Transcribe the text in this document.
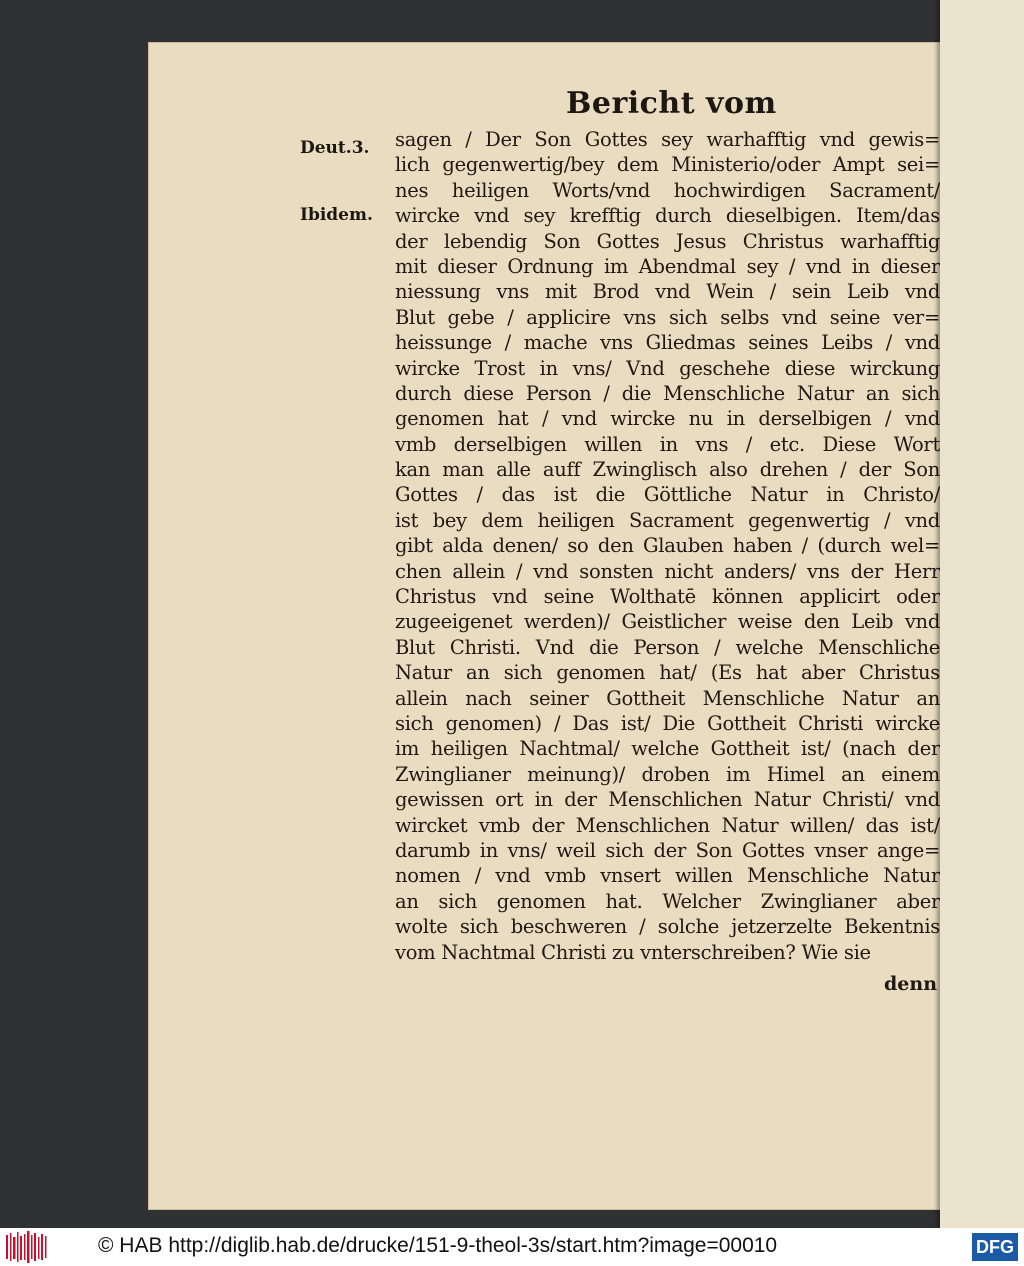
Bericht vom
Deut.3.
Ibidem.
sagen / Der Son Gottes sey warhafftig vnd gewis=
lich gegenwertig/bey dem Ministerio/oder Ampt sei=
nes heiligen Worts/vnd hochwirdigen Sacrament/
wircke vnd sey krefftig durch dieselbigen. Item/das
der lebendig Son Gottes Jesus Christus warhafftig
mit dieser Ordnung im Abendmal sey / vnd in dieser
niessung vns mit Brod vnd Wein / sein Leib vnd
Blut gebe / applicire vns sich selbs vnd seine ver=
heissunge / mache vns Gliedmas seines Leibs / vnd
wircke Trost in vns/ Vnd geschehe diese wirckung
durch diese Person / die Menschliche Natur an sich
genomen hat / vnd wircke nu in derselbigen / vnd
vmb derselbigen willen in vns / etc. Diese Wort
kan man alle auff Zwinglisch also drehen / der Son
Gottes / das ist die Göttliche Natur in Christo/
ist bey dem heiligen Sacrament gegenwertig / vnd
gibt alda denen/ so den Glauben haben / (durch wel=
chen allein / vnd sonsten nicht anders/ vns der Herr
Christus vnd seine Wolthatē können applicirt oder
zugeeigenet werden)/ Geistlicher weise den Leib vnd
Blut Christi. Vnd die Person / welche Menschliche
Natur an sich genomen hat/ (Es hat aber Christus
allein nach seiner Gottheit Menschliche Natur an
sich genomen) / Das ist/ Die Gottheit Christi wircke
im heiligen Nachtmal/ welche Gottheit ist/ (nach der
Zwinglianer meinung)/ droben im Himel an einem
gewissen ort in der Menschlichen Natur Christi/ vnd
wircket vmb der Menschlichen Natur willen/ das ist/
darumb in vns/ weil sich der Son Gottes vnser ange=
nomen / vnd vmb vnsert willen Menschliche Natur
an sich genomen hat. Welcher Zwinglianer aber
wolte sich beschweren / solche jetzerzelte Bekentnis
vom Nachtmal Christi zu vnterschreiben? Wie sie
denn
© HAB http://diglib.hab.de/drucke/151-9-theol-3s/start.htm?image=00010	DFG
